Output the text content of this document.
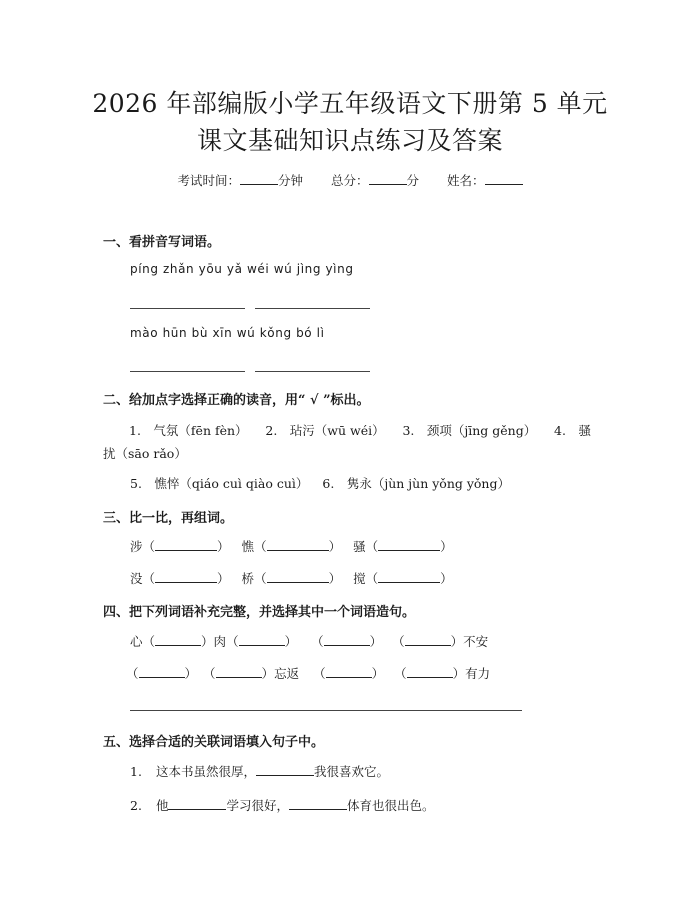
2026 年部编版小学五年级语文下册第 5 单元
课文基础知识点练习及答案
考试时间：	分钟 总分：	分 姓名：
一、看拼音写词语。
píng zhǎn yōu yǎ wéi wú jìng yìng
mào hūn bù xīn wú kǒng bó lì
二、给加点字选择正确的读音，用“ √ ”标出。
1.　气氛（fēn fèn） 2.　玷污（wū wéi） 3.　颈项（jīng gěng） 4.　骚
扰（sāo rǎo）
5.　憔悴（qiáo cuì qiào cuì） 6.　隽永（jùn jùn yǒng yǒng）
三、比一比，再组词。
涉（	） 憔（	） 骚（	）
没（	） 桥（	） 搅（	）
四、把下列词语补充完整，并选择其中一个词语造句。
心（	）肉（	） （	） （	）不安
（	） （	）忘返 （	） （	）有力
五、选择合适的关联词语填入句子中。
1. 这本书虽然很厚，	我很喜欢它。
2. 他	学习很好，	体育也很出色。
